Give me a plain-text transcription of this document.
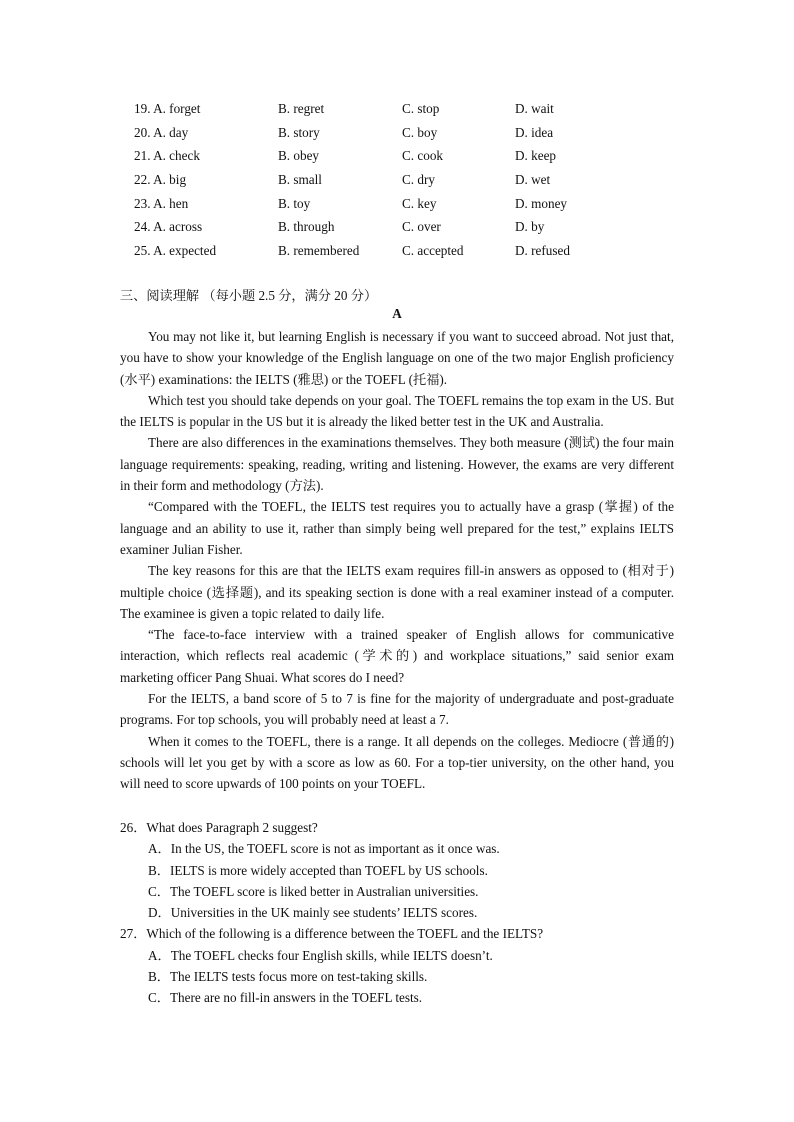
19. A. forget	B. regret	C. stop	D. wait
20. A. day	B. story	C. boy	D. idea
21. A. check	B. obey	C. cook	D. keep
22. A. big	B. small	C. dry	D. wet
23. A. hen	B. toy	C. key	D. money
24. A. across	B. through	C. over	D. by
25. A. expected	B. remembered	C. accepted	D. refused
三、阅读理解 （每小题 2.5 分，满分 20 分）
A

You may not like it, but learning English is necessary if you want to succeed abroad. Not just that, you have to show your knowledge of the English language on one of the two major English proficiency (水平) examinations: the IELTS (雅思) or the TOEFL (托福).

Which test you should take depends on your goal. The TOEFL remains the top exam in the US. But the IELTS is popular in the US but it is already the liked better test in the UK and Australia.

There are also differences in the examinations themselves. They both measure (测试) the four main language requirements: speaking, reading, writing and listening. However, the exams are very different in their form and methodology (方法).

“Compared with the TOEFL, the IELTS test requires you to actually have a grasp (掌握) of the language and an ability to use it, rather than simply being well prepared for the test,” explains IELTS examiner Julian Fisher.

The key reasons for this are that the IELTS exam requires fill-in answers as opposed to (相对于) multiple choice (选择题), and its speaking section is done with a real examiner instead of a computer. The examinee is given a topic related to daily life.

“The face-to-face interview with a trained speaker of English allows for communicative interaction, which reflects real academic (学术的) and workplace situations,” said senior exam marketing officer Pang Shuai. What scores do I need?

For the IELTS, a band score of 5 to 7 is fine for the majority of undergraduate and post-graduate programs. For top schools, you will probably need at least a 7.

When it comes to the TOEFL, there is a range. It all depends on the colleges. Mediocre (普通的) schools will let you get by with a score as low as 60. For a top-tier university, on the other hand, you will need to score upwards of 100 points on your TOEFL.

26．What does Paragraph 2 suggest?
A．In the US, the TOEFL score is not as important as it once was.
B．IELTS is more widely accepted than TOEFL by US schools.
C．The TOEFL score is liked better in Australian universities.
D．Universities in the UK mainly see students’ IELTS scores.
27．Which of the following is a difference between the TOEFL and the IELTS?
A．The TOEFL checks four English skills, while IELTS doesn’t.
B．The IELTS tests focus more on test-taking skills.
C．There are no fill-in answers in the TOEFL tests.
